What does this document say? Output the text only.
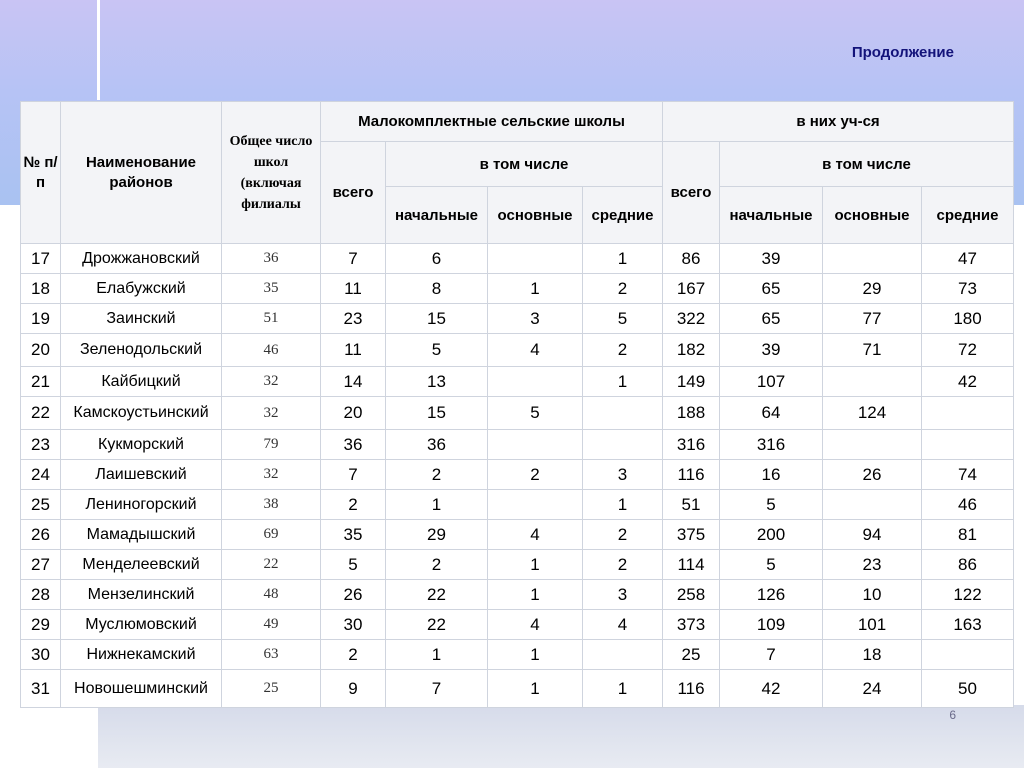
Продолжение
№ п/п	Наименование районов	Общее число школ (включая филиалы	Малокомплектные сельские школы				в них уч-ся			
			всего	в том числе			всего	в том числе		
				начальные	основные	средние		начальные	основные	средние
17	Дрожжановский	36	7	6		1	86	39		47
18	Елабужский	35	11	8	1	2	167	65	29	73
19	Заинский	51	23	15	3	5	322	65	77	180
20	Зеленодольский	46	11	5	4	2	182	39	71	72
21	Кайбицкий	32	14	13		1	149	107		42
22	Камскоустьинский	32	20	15	5		188	64	124	
23	Кукморский	79	36	36			316	316		
24	Лаишевский	32	7	2	2	3	116	16	26	74
25	Лениногорский	38	2	1		1	51	5		46
26	Мамадышский	69	35	29	4	2	375	200	94	81
27	Менделеевский	22	5	2	1	2	114	5	23	86
28	Мензелинский	48	26	22	1	3	258	126	10	122
29	Муслюмовский	49	30	22	4	4	373	109	101	163
30	Нижнекамский	63	2	1	1		25	7	18	
31	Новошешминский	25	9	7	1	1	116	42	24	50
6
